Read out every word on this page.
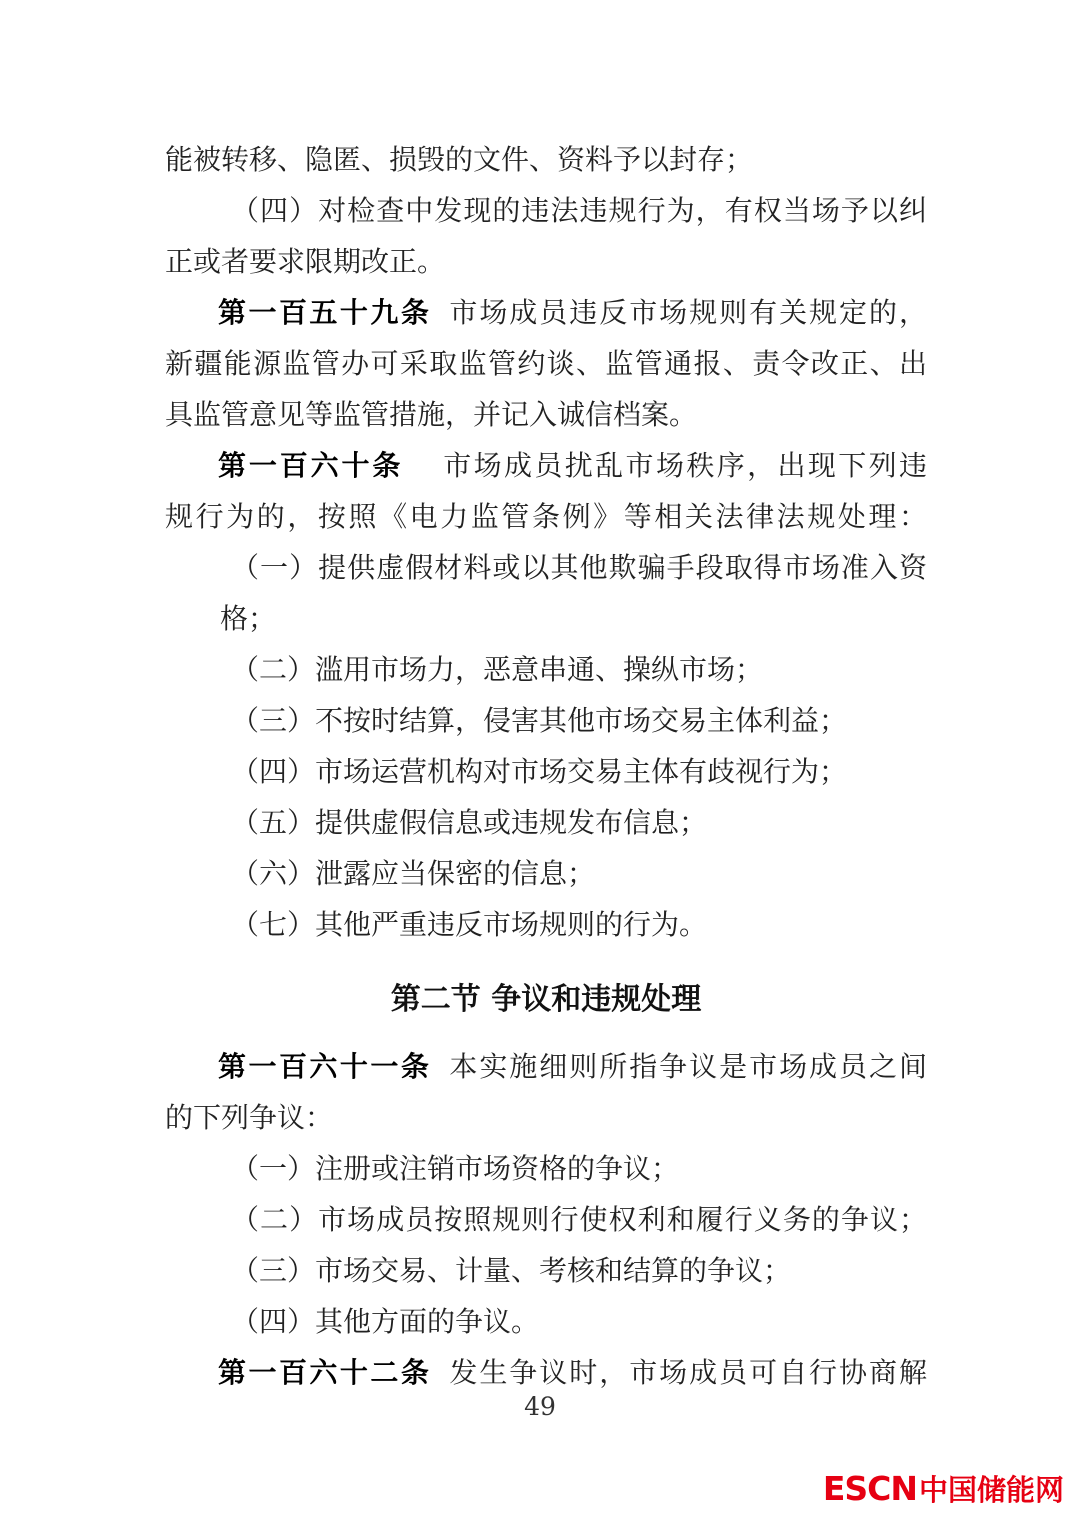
能被转移、隐匿、损毁的文件、资料予以封存；
（四）对检查中发现的违法违规行为，有权当场予以纠
正或者要求限期改正。
第一百五十九条 市场成员违反市场规则有关规定的，
新疆能源监管办可采取监管约谈、监管通报、责令改正、出
具监管意见等监管措施，并记入诚信档案。
第一百六十条 市场成员扰乱市场秩序，出现下列违
规行为的，按照《电力监管条例》等相关法律法规处理：
（一）提供虚假材料或以其他欺骗手段取得市场准入资
格；
（二）滥用市场力，恶意串通、操纵市场；
（三）不按时结算，侵害其他市场交易主体利益；
（四）市场运营机构对市场交易主体有歧视行为；
（五）提供虚假信息或违规发布信息；
（六）泄露应当保密的信息；
（七）其他严重违反市场规则的行为。
第二节 争议和违规处理
第一百六十一条 本实施细则所指争议是市场成员之间
的下列争议：
（一）注册或注销市场资格的争议；
（二）市场成员按照规则行使权利和履行义务的争议；
（三）市场交易、计量、考核和结算的争议；
（四）其他方面的争议。
第一百六十二条 发生争议时，市场成员可自行协商解
49
ESCN 中国储能网
